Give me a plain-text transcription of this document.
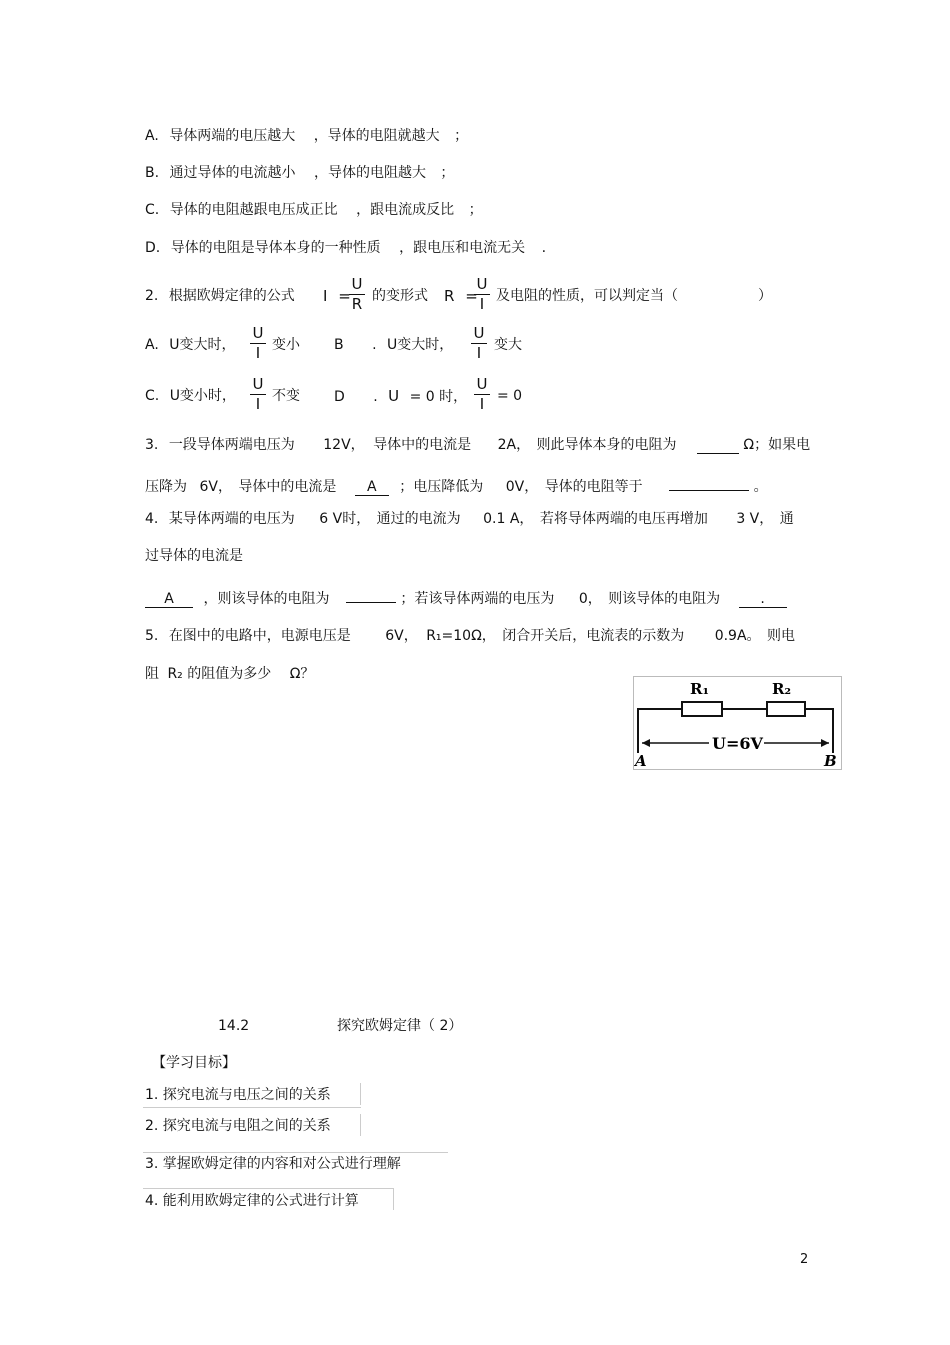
A. 导体两端的电压越大 ，导体的电阻就越大 ；
B. 通过导体的电流越小 ，导体的电阻越大 ；
C. 导体的电阻越跟电压成正比 ，跟电流成反比 ；
D. 导体的电阻是导体本身的一种性质 ，跟电压和电流无关 .
2. 根据欧姆定律的公式 I =
U
R 的变形式 R =
U
I 及电阻的性质，可以判定当（	）
A. U变大时，
U
I 变小 B . U变大时，
U
I 变大
C. U变小时，
U
I 不变 D . U = 0 时，
U
I = 0
3. 一段导体两端电压为 12V， 导体中的电流是 2A， 则此导体本身的电阻为	Ω；如果电
压降为 6V， 导体中的电流是 A ；电压降低为 0V， 导体的电阻等于	。
4. 某导体两端的电压为 6 V时， 通过的电流为 0.1 A， 若将导体两端的电压再增加 3 V， 通
过导体的电流是
A ，则该导体的电阻为	；若该导体两端的电压为 0， 则该导体的电阻为	.
5. 在图中的电路中，电源电压是 6V， R₁=10Ω， 闭合开关后，电流表的示数为 0.9A。 则电
阻 R₂ 的阻值为多少 Ω？
R₁	R₂
U=6V
A	B
14.2	探究欧姆定律（ 2）
【学习目标】
1. 探究电流与电压之间的关系
2. 探究电流与电阻之间的关系
3. 掌握欧姆定律的内容和对公式进行理解
4. 能利用欧姆定律的公式进行计算
2
